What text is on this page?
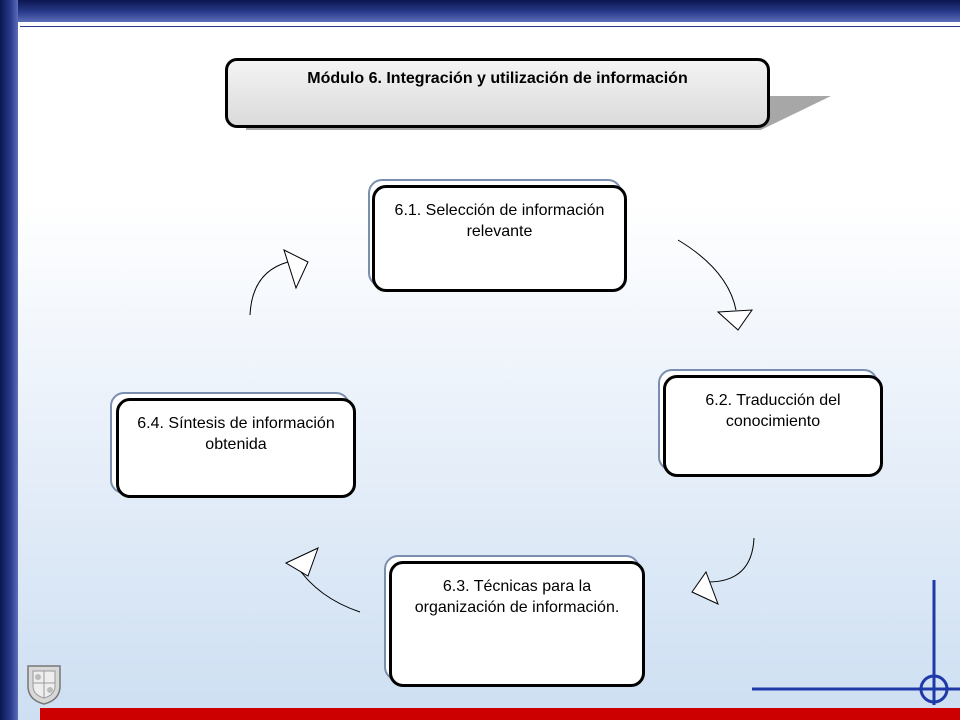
Módulo 6. Integración y utilización de información
6.1. Selección de información relevante
6.2. Traducción del conocimiento
6.3. Técnicas para la organización de información.
6.4. Síntesis de información obtenida
